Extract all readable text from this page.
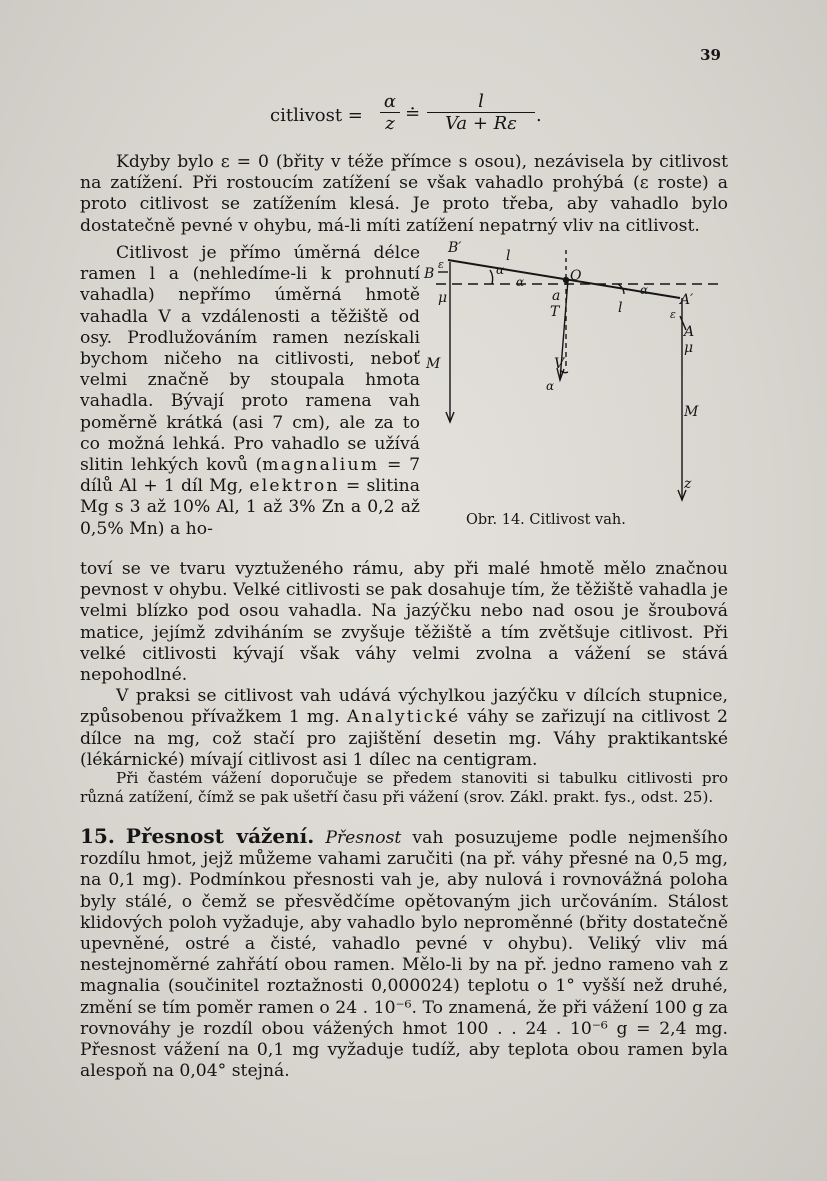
39
citlivost = $\frac{\alpha}{z}$ ≐ $\frac{l}{Va + R\varepsilon}$ .

Kdyby bylo ε = 0 (břity v téže přímce s osou), nezávisela by citlivost na zatížení. Při rostoucím zatížení se však vahadlo prohýbá (ε roste) a proto citlivost se zatížením klesá. Je proto třeba, aby vahadlo bylo dostatečně pevné v ohybu, má-li míti zatížení nepatrný vliv na citlivost.

Citlivost je přímo úměrná délce ramen l a (nehledíme-li k prohnutí vahadla) nepřímo úměrná hmotě vahadla V a vzdálenosti a těžiště od osy. Prodlužováním ramen nezískali bychom ničeho na citlivosti, neboť velmi značně by stoupala hmota vahadla. Bývají proto ramena vah poměrně krátká (asi 7 cm), ale za to co možná lehká. Pro vahadlo se užívá slitin lehkých kovů (magnalium = 7 dílů Al + 1 díl Mg, elektron = slitina Mg s 3 až 10% Al, 1 až 3% Zn a 0,2 až 0,5% Mn) a ho-

toví se ve tvaru vyztuženého rámu, aby při malé hmotě mělo značnou pevnost v ohybu. Velké citlivosti se pak dosahuje tím, že těžiště vahadla je velmi blízko pod osou vahadla. Na jazýčku nebo nad osou je šroubová matice, jejímž zdviháním se zvyšuje těžiště a tím zvětšuje citlivost. Při velké citlivosti kývají však váhy velmi zvolna a vážení se stává nepohodlné.

V praksi se citlivost vah udává výchylkou jazýčku v dílcích stupnice, způsobenou přívažkem 1 mg. Analytické váhy se zařizují na citlivost 2 dílce na mg, což stačí pro zajištění desetin mg. Váhy praktikantské (lékárnické) mívají citlivost asi 1 dílec na centigram.

Při častém vážení doporučuje se předem stanoviti si tabulku citlivosti pro různá zatížení, čímž se pak ušetří času při vážení (srov. Zákl. prakt. fys., odst. 25).

15. Přesnost vážení. Přesnost vah posuzujeme podle nejmenšího rozdílu hmot, jejž můžeme vahami zaručiti (na př. váhy přesné na 0,5 mg, na 0,1 mg). Podmínkou přesnosti vah je, aby nulová i rovnovážná poloha byly stálé, o čemž se přesvědčíme opětovaným jich určováním. Stálost klidových poloh vyžaduje, aby vahadlo bylo neproměnné (břity dostatečně upevněné, ostré a čisté, vahadlo pevné v ohybu). Veliký vliv má nestejnoměrné zahřátí obou ramen. Mělo-li by na př. jedno rameno vah z magnalia (součinitel roztažnosti 0,000024) teplotu o 1° vyšší než druhé, změní se tím poměr ramen o 24 . 10⁻⁶. To znamená, že při vážení 100 g za rovnováhy je rozdíl obou vážených hmot 100 . . 24 . 10⁻⁶ g = 2,4 mg. Přesnost vážení na 0,1 mg vyžaduje tudíž, aby teplota obou ramen byla alespoň na 0,04° stejná.

B′
B
ε
μ
M
l
α
α	O
l
α
A′
ε
A
μ
M
z
a
T
V
α
Obr. 14. Citlivost vah.
